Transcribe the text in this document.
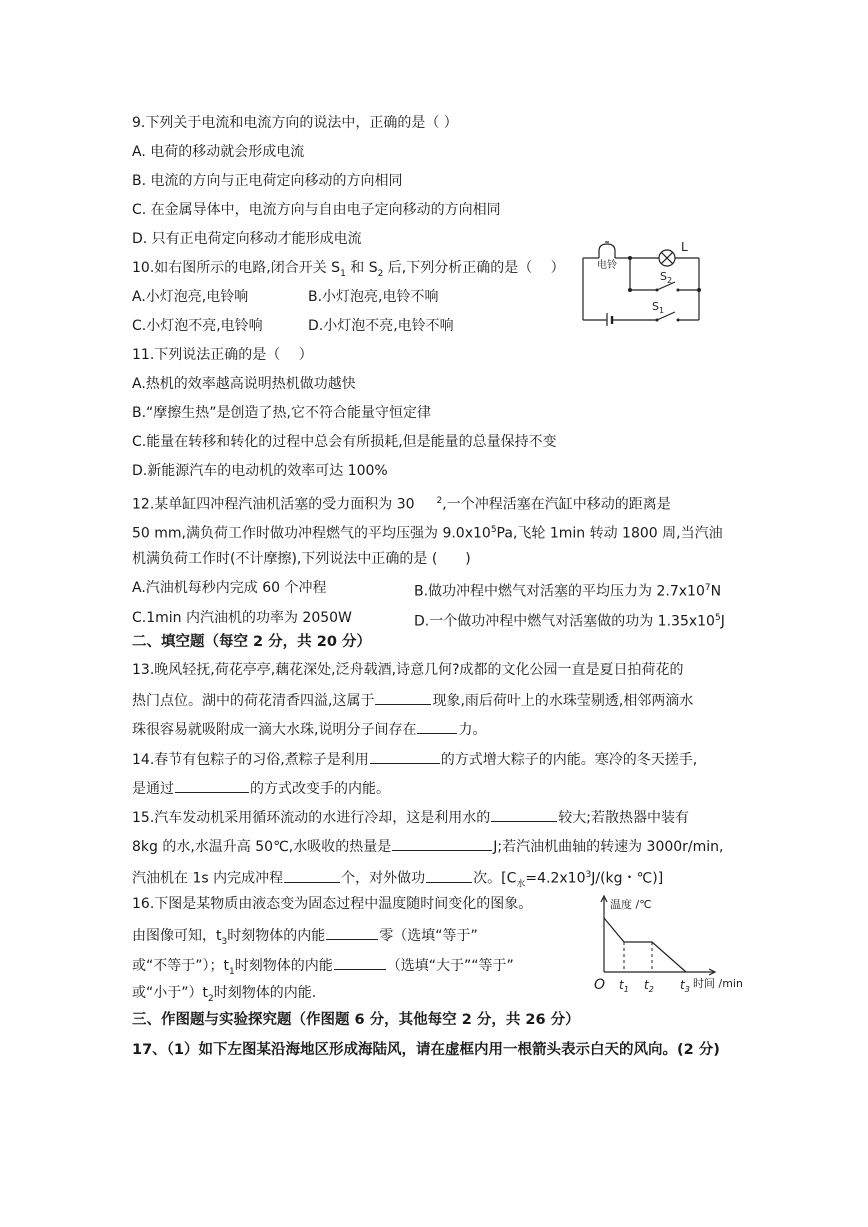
9.下列关于电流和电流方向的说法中，正确的是（ ）
A. 电荷的移动就会形成电流
B. 电流的方向与正电荷定向移动的方向相同
C. 在金属导体中，电流方向与自由电子定向移动的方向相同
D. 只有正电荷定向移动才能形成电流
10.如右图所示的电路,闭合开关 $S_1$ 和 $S_2$ 后,下列分析正确的是（　 ）
A.小灯泡亮,电铃响	B.小灯泡亮,电铃不响
C.小灯泡不亮,电铃响	D.小灯泡不亮,电铃不响
电铃
L
$S_2$
$S_1$
11.下列说法正确的是（　 ）
A.热机的效率越高说明热机做功越快
B.“摩擦生热”是创造了热,它不符合能量守恒定律
C.能量在转移和转化的过程中总会有所损耗,但是能量的总量保持不变
D.新能源汽车的电动机的效率可达 100%
12.某单缸四冲程汽油机活塞的受力面积为 30 $^2$,一个冲程活塞在汽缸中移动的距离是
50 mm,满负荷工作时做功冲程燃气的平均压强为 $9.0x10^5Pa$,飞轮 1min 转动 1800 周,当汽油
机满负荷工作时(不计摩擦),下列说法中正确的是 (　　)
A.汽油机每秒内完成 60 个冲程	B.做功冲程中燃气对活塞的平均压力为 $2.7x10^7N$
C.1min 内汽油机的功率为 2050W	D.一个做功冲程中燃气对活塞做的功为 $1.35x10^5J$
二、填空题（每空 2 分，共 20 分）
13.晚风轻抚,荷花亭亭,藕花深处,泛舟载酒,诗意几何?成都的文化公园一直是夏日拍荷花的
热门点位。湖中的荷花清香四溢,这属于	现象,雨后荷叶上的水珠莹剔透,相邻两滴水
珠很容易就吸附成一滴大水珠,说明分子间存在	力。
14.春节有包粽子的习俗,煮粽子是利用	的方式增大粽子的内能。寒冷的冬天搓手,
是通过	的方式改变手的内能。
15.汽车发动机采用循环流动的水进行冷却，这是利用水的	较大;若散热器中装有
8kg 的水,水温升高 50℃,水吸收的热量是	J;若汽油机曲轴的转速为 3000r/min,
汽油机在 1s 内完成冲程	个，对外做功	次。[$C_水=4.2x10^3J/(kg$・℃)]
16.下图是某物质由液态变为固态过程中温度随时间变化的图象。
由图像可知，$t_3$时刻物体的内能	零（选填“等于”
或“不等于”）；$t_1$时刻物体的内能	（选填“大于”“等于”
或“小于$”)t_2$时刻物体的内能.
温度 /℃
时间 /min
O $t_1$ $t_2$ $t_3$
三、作图题与实验探究题（作图题 6 分，其他每空 2 分，共 26 分）
17、（1）如下左图某沿海地区形成海陆风，请在虚框内用一根箭头表示白天的风向。(2 分)
